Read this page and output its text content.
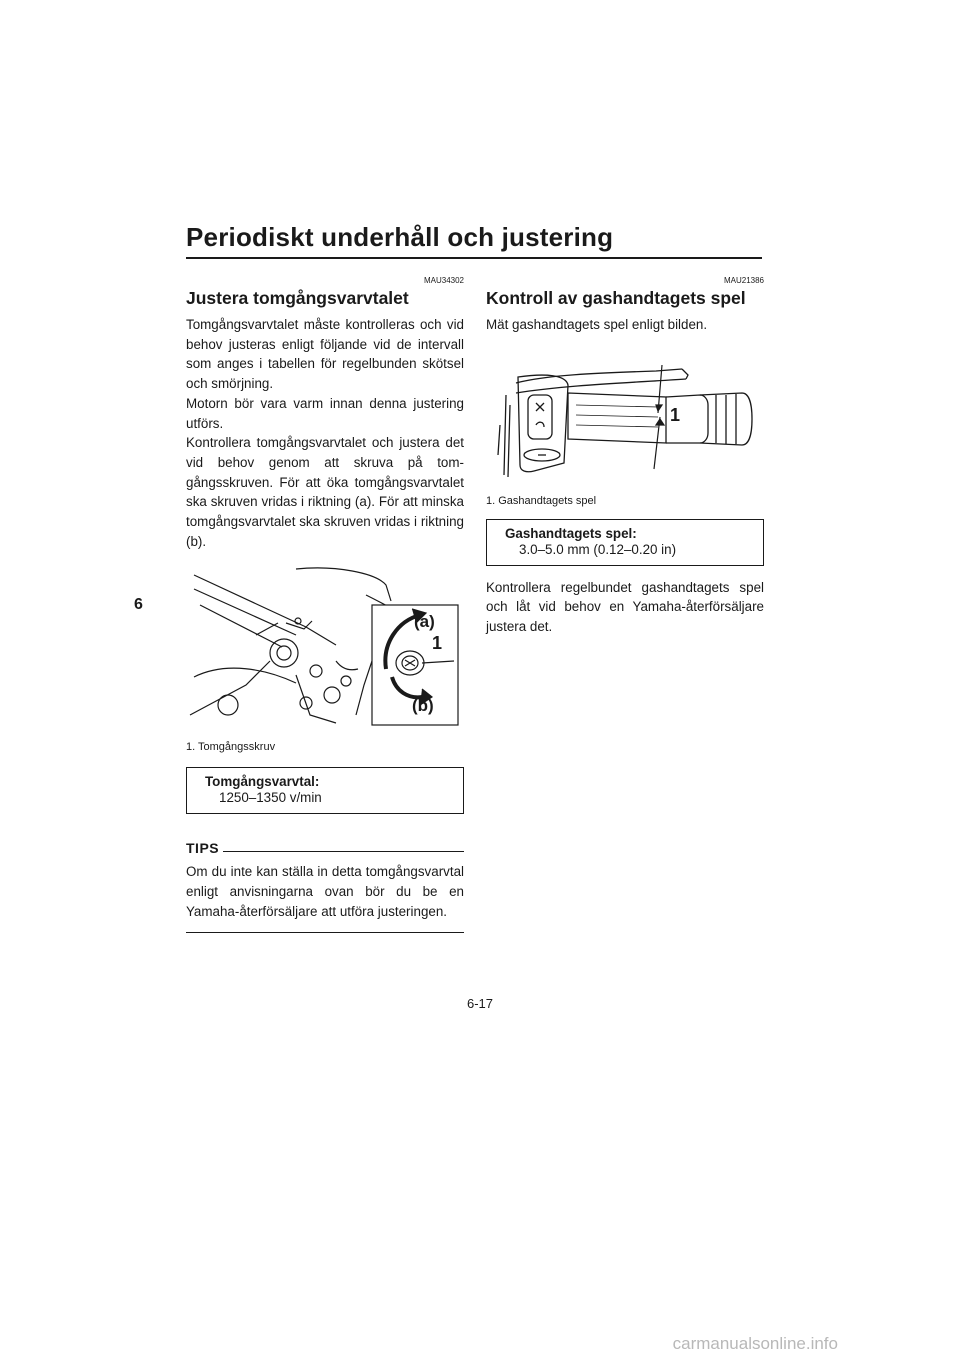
Periodiskt underhåll och justering
6
MAU34302
Justera tomgångsvarvtalet

Tomgångsvarvtalet måste kontrolleras och vid behov justeras enligt följande vid de intervall som anges i tabellen för regelbunden skötsel och smörjning.

Motorn bör vara varm innan denna justering utförs.

Kontrollera tomgångsvarvtalet och justera det vid behov genom att skruva på tomgångsskruven. För att öka tomgångsvarvtalet ska skruven vridas i riktning (a). För att minska tomgångsvarvtalet ska skruven vridas i riktning (b).

(a)
1
(b)
1. Tomgångsskruv
Tomgångsvarvtal:
1250–1350 v/min
TIPS

Om du inte kan ställa in detta tomgångsvarvtal enligt anvisningarna ovan bör du be en Yamaha-återförsäljare att utföra justeringen.

MAU21386
Kontroll av gashandtagets spel

Mät gashandtagets spel enligt bilden.

1
1. Gashandtagets spel
Gashandtagets spel:
3.0–5.0 mm (0.12–0.20 in)

Kontrollera regelbundet gashandtagets spel och låt vid behov en Yamaha-återförsäljare justera det.

6-17
carmanualsonline.info
